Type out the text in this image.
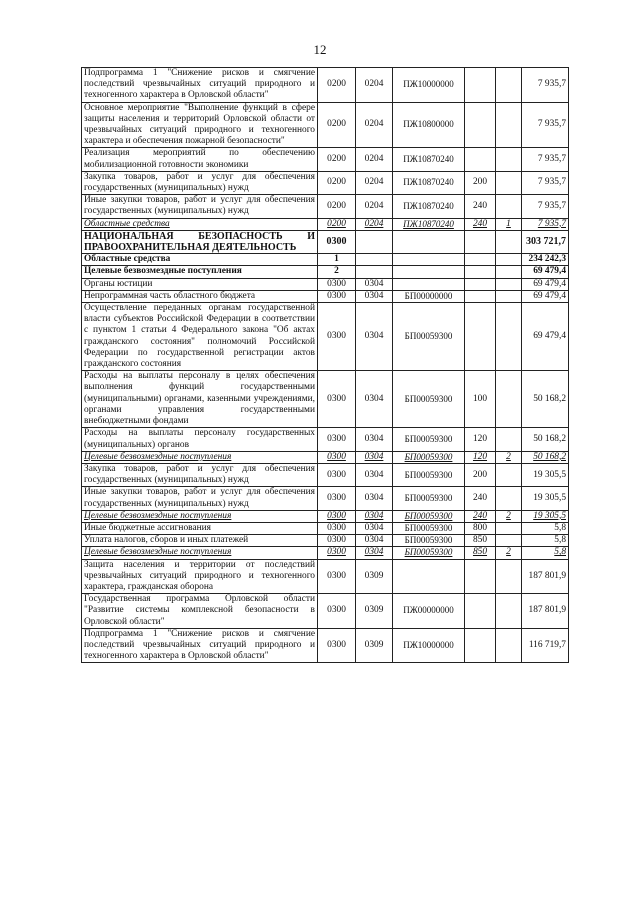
12
Подпрограмма 1 "Снижение рисков и смягчение последствий чрезвычайных ситуаций природного и техногенного характера в Орловской области"	0200	0204	ПЖ10000000			7 935,7
Основное мероприятие "Выполнение функций в сфере защиты населения и территорий Орловской области от чрезвычайных ситуаций природного и техногенного характера и обеспечения пожарной безопасности"	0200	0204	ПЖ10800000			7 935,7
Реализация мероприятий по обеспечению мобилизационной готовности экономики	0200	0204	ПЖ10870240			7 935,7
Закупка товаров, работ и услуг для обеспечения государственных (муниципальных) нужд	0200	0204	ПЖ10870240	200		7 935,7
Иные закупки товаров, работ и услуг для обеспечения государственных (муниципальных) нужд	0200	0204	ПЖ10870240	240		7 935,7
Областные средства	0200	0204	ПЖ10870240	240	1	7 935,7
НАЦИОНАЛЬНАЯ БЕЗОПАСНОСТЬ И ПРАВООХРАНИТЕЛЬНАЯ ДЕЯТЕЛЬНОСТЬ	0300					303 721,7
Областные средства	1					234 242,3
Целевые безвозмездные поступления	2					69 479,4
Органы юстиции	0300	0304				69 479,4
Непрограммная часть областного бюджета	0300	0304	БП00000000			69 479,4
Осуществление переданных органам государственной власти субъектов Российской Федерации в соответствии с пунктом 1 статьи 4 Федерального закона "Об актах гражданского состояния" полномочий Российской Федерации по государственной регистрации актов гражданского состояния	0300	0304	БП00059300			69 479,4
Расходы на выплаты персоналу в целях обеспечения выполнения функций государственными (муниципальными) органами, казенными учреждениями, органами управления государственными внебюджетными фондами	0300	0304	БП00059300	100		50 168,2
Расходы на выплаты персоналу государственных (муниципальных) органов	0300	0304	БП00059300	120		50 168,2
Целевые безвозмездные поступления	0300	0304	БП00059300	120	2	50 168,2
Закупка товаров, работ и услуг для обеспечения государственных (муниципальных) нужд	0300	0304	БП00059300	200		19 305,5
Иные закупки товаров, работ и услуг для обеспечения государственных (муниципальных) нужд	0300	0304	БП00059300	240		19 305,5
Целевые безвозмездные поступления	0300	0304	БП00059300	240	2	19 305,5
Иные бюджетные ассигнования	0300	0304	БП00059300	800		5,8
Уплата налогов, сборов и иных платежей	0300	0304	БП00059300	850		5,8
Целевые безвозмездные поступления	0300	0304	БП00059300	850	2	5,8
Защита населения и территории от последствий чрезвычайных ситуаций природного и техногенного характера, гражданская оборона	0300	0309				187 801,9
Государственная программа Орловской области "Развитие системы комплексной безопасности в Орловской области"	0300	0309	ПЖ00000000			187 801,9
Подпрограмма 1 "Снижение рисков и смягчение последствий чрезвычайных ситуаций природного и техногенного характера в Орловской области"	0300	0309	ПЖ10000000			116 719,7
